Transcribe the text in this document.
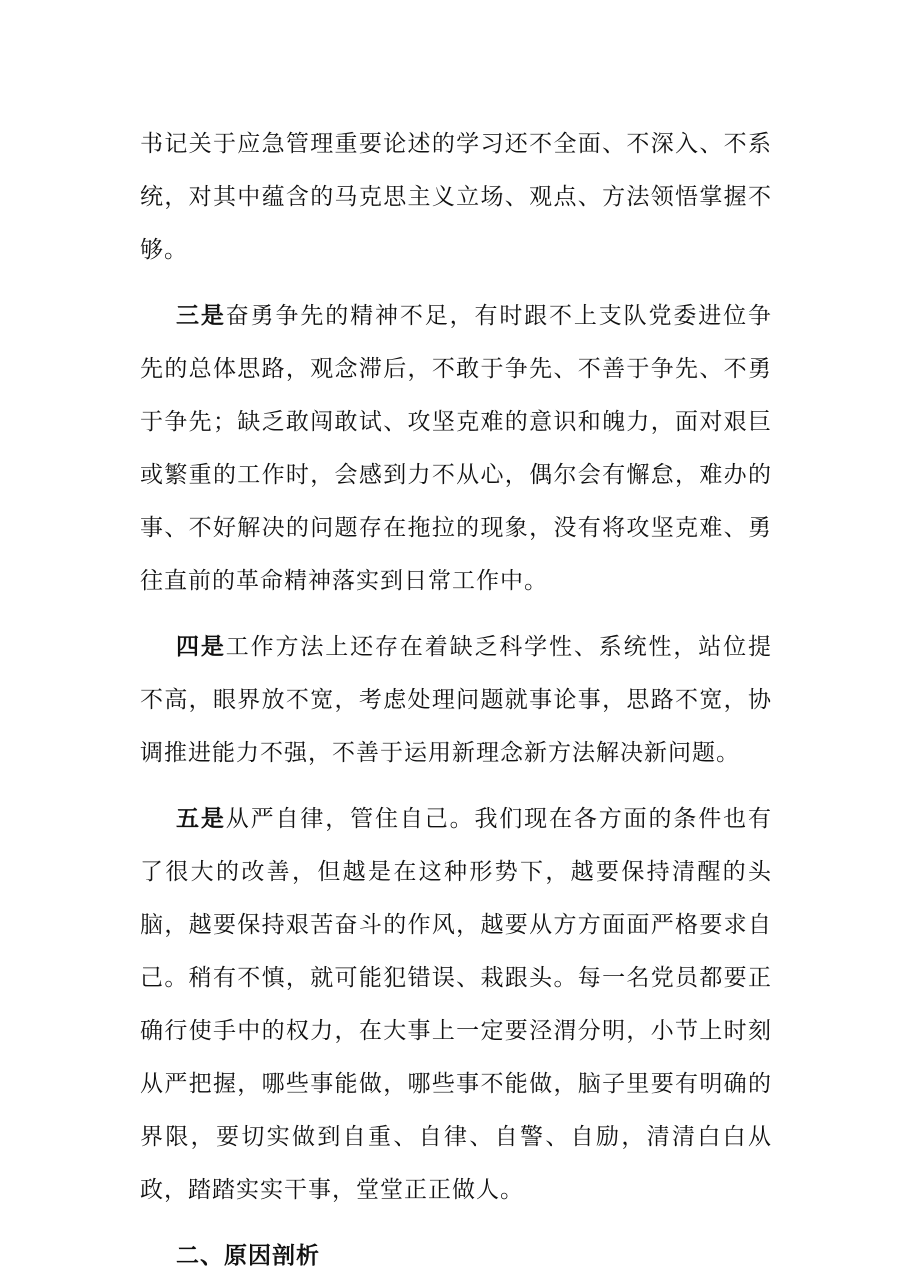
书记关于应急管理重要论述的学习还不全面、不深入、不系统，对其中蕴含的马克思主义立场、观点、方法领悟掌握不够。

三是奋勇争先的精神不足，有时跟不上支队党委进位争先的总体思路，观念滞后，不敢于争先、不善于争先、不勇于争先；缺乏敢闯敢试、攻坚克难的意识和魄力，面对艰巨或繁重的工作时，会感到力不从心，偶尔会有懈怠，难办的事、不好解决的问题存在拖拉的现象，没有将攻坚克难、勇往直前的革命精神落实到日常工作中。

四是工作方法上还存在着缺乏科学性、系统性，站位提不高，眼界放不宽，考虑处理问题就事论事，思路不宽，协调推进能力不强，不善于运用新理念新方法解决新问题。

五是从严自律，管住自己。我们现在各方面的条件也有了很大的改善，但越是在这种形势下，越要保持清醒的头脑，越要保持艰苦奋斗的作风，越要从方方面面严格要求自己。稍有不慎，就可能犯错误、栽跟头。每一名党员都要正确行使手中的权力，在大事上一定要泾渭分明，小节上时刻从严把握，哪些事能做，哪些事不能做，脑子里要有明确的界限，要切实做到自重、自律、自警、自励，清清白白从政，踏踏实实干事，堂堂正正做人。

二、原因剖析
